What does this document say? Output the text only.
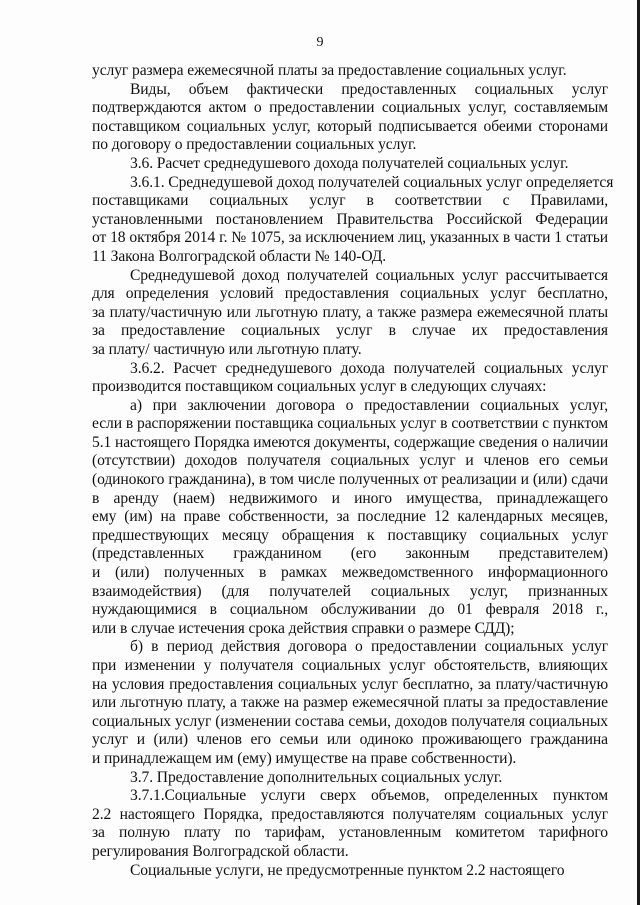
9
услуг размера ежемесячной платы за предоставление социальных услуг.
Виды, объем фактически предоставленных социальных услуг
подтверждаются актом о предоставлении социальных услуг, составляемым
поставщиком социальных услуг, который подписывается обеими сторонами
по договору о предоставлении социальных услуг.
3.6. Расчет среднедушевого дохода получателей социальных услуг.
3.6.1. Среднедушевой доход получателей социальных услуг определяется
поставщиками социальных услуг в соответствии с Правилами,
установленными постановлением Правительства Российской Федерации
от 18 октября 2014 г. № 1075, за исключением лиц, указанных в части 1 статьи
11 Закона Волгоградской области № 140-ОД.
Среднедушевой доход получателей социальных услуг рассчитывается
для определения условий предоставления социальных услуг бесплатно,
за плату/частичную или льготную плату, а также размера ежемесячной платы
за предоставление социальных услуг в случае их предоставления
за плату/ частичную или льготную плату.
3.6.2. Расчет среднедушевого дохода получателей социальных услуг
производится поставщиком социальных услуг в следующих случаях:
а) при заключении договора о предоставлении социальных услуг,
если в распоряжении поставщика социальных услуг в соответствии с пунктом
5.1 настоящего Порядка имеются документы, содержащие сведения о наличии
(отсутствии) доходов получателя социальных услуг и членов его семьи
(одинокого гражданина), в том числе полученных от реализации и (или) сдачи
в аренду (наем) недвижимого и иного имущества, принадлежащего
ему (им) на праве собственности, за последние 12 календарных месяцев,
предшествующих месяцу обращения к поставщику социальных услуг
(представленных гражданином (его законным представителем)
и (или) полученных в рамках межведомственного информационного
взаимодействия) (для получателей социальных услуг, признанных
нуждающимися в социальном обслуживании до 01 февраля 2018 г.,
или в случае истечения срока действия справки о размере СДД);
б) в период действия договора о предоставлении социальных услуг
при изменении у получателя социальных услуг обстоятельств, влияющих
на условия предоставления социальных услуг бесплатно, за плату/частичную
или льготную плату, а также на размер ежемесячной платы за предоставление
социальных услуг (изменении состава семьи, доходов получателя социальных
услуг и (или) членов его семьи или одиноко проживающего гражданина
и принадлежащем им (ему) имуществе на праве собственности).
3.7. Предоставление дополнительных социальных услуг.
3.7.1.Социальные услуги сверх объемов, определенных пунктом
2.2 настоящего Порядка, предоставляются получателям социальных услуг
за полную плату по тарифам, установленным комитетом тарифного
регулирования Волгоградской области.
Социальные услуги, не предусмотренные пунктом 2.2 настоящего
